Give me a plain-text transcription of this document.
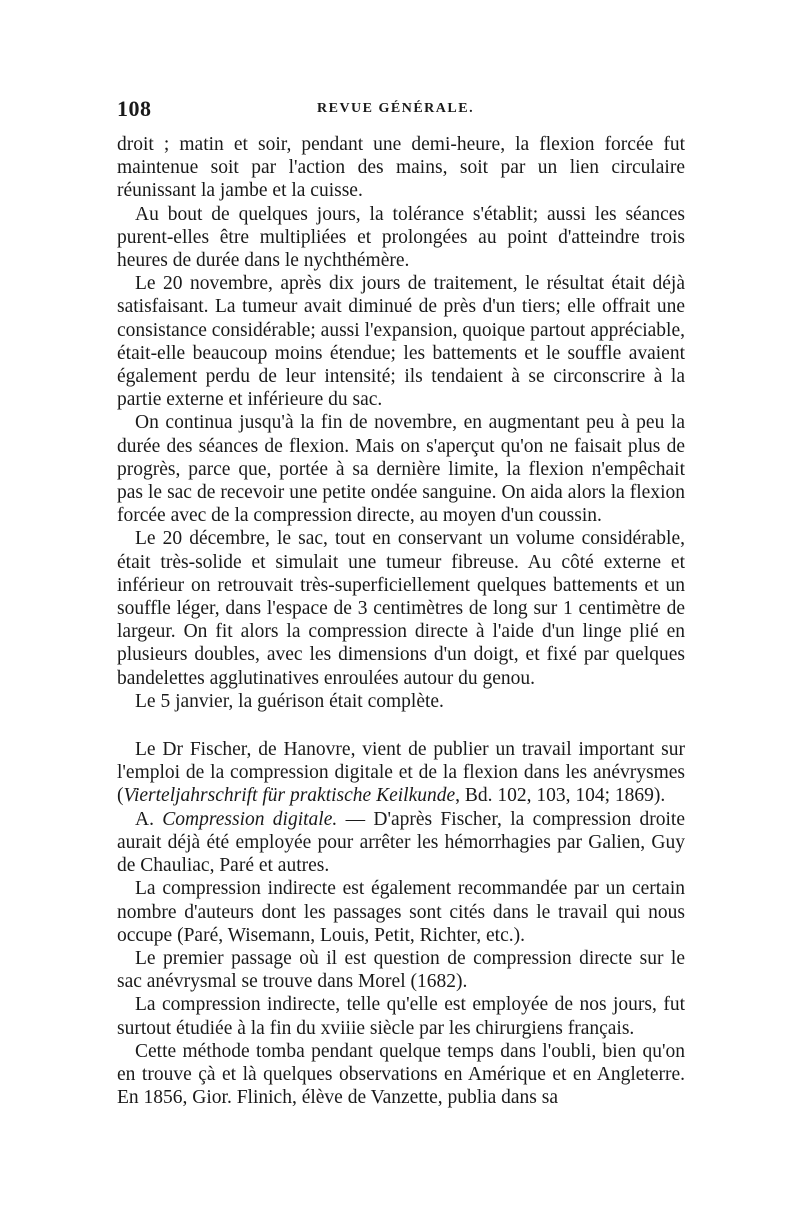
108	REVUE GÉNÉRALE.

droit ; matin et soir, pendant une demi-heure, la flexion forcée fut maintenue soit par l'action des mains, soit par un lien circulaire réunissant la jambe et la cuisse.

Au bout de quelques jours, la tolérance s'établit; aussi les séances purent-elles être multipliées et prolongées au point d'atteindre trois heures de durée dans le nychthémère.

Le 20 novembre, après dix jours de traitement, le résultat était déjà satisfaisant. La tumeur avait diminué de près d'un tiers; elle offrait une consistance considérable; aussi l'expansion, quoique partout appréciable, était-elle beaucoup moins étendue; les battements et le souffle avaient également perdu de leur intensité; ils tendaient à se circonscrire à la partie externe et inférieure du sac.

On continua jusqu'à la fin de novembre, en augmentant peu à peu la durée des séances de flexion. Mais on s'aperçut qu'on ne faisait plus de progrès, parce que, portée à sa dernière limite, la flexion n'empêchait pas le sac de recevoir une petite ondée sanguine. On aida alors la flexion forcée avec de la compression directe, au moyen d'un coussin.

Le 20 décembre, le sac, tout en conservant un volume considérable, était très-solide et simulait une tumeur fibreuse. Au côté externe et inférieur on retrouvait très-superficiellement quelques battements et un souffle léger, dans l'espace de 3 centimètres de long sur 1 centimètre de largeur. On fit alors la compression directe à l'aide d'un linge plié en plusieurs doubles, avec les dimensions d'un doigt, et fixé par quelques bandelettes agglutinatives enroulées autour du genou.

Le 5 janvier, la guérison était complète.

Le Dr Fischer, de Hanovre, vient de publier un travail important sur l'emploi de la compression digitale et de la flexion dans les anévrysmes (Vierteljahrschrift für praktische Keilkunde, Bd. 102, 103, 104; 1869).

A. Compression digitale. — D'après Fischer, la compression droite aurait déjà été employée pour arrêter les hémorrhagies par Galien, Guy de Chauliac, Paré et autres.

La compression indirecte est également recommandée par un certain nombre d'auteurs dont les passages sont cités dans le travail qui nous occupe (Paré, Wisemann, Louis, Petit, Richter, etc.).

Le premier passage où il est question de compression directe sur le sac anévrysmal se trouve dans Morel (1682).

La compression indirecte, telle qu'elle est employée de nos jours, fut surtout étudiée à la fin du xviiie siècle par les chirurgiens français.

Cette méthode tomba pendant quelque temps dans l'oubli, bien qu'on en trouve çà et là quelques observations en Amérique et en Angleterre. En 1856, Gior. Flinich, élève de Vanzette, publia dans sa
